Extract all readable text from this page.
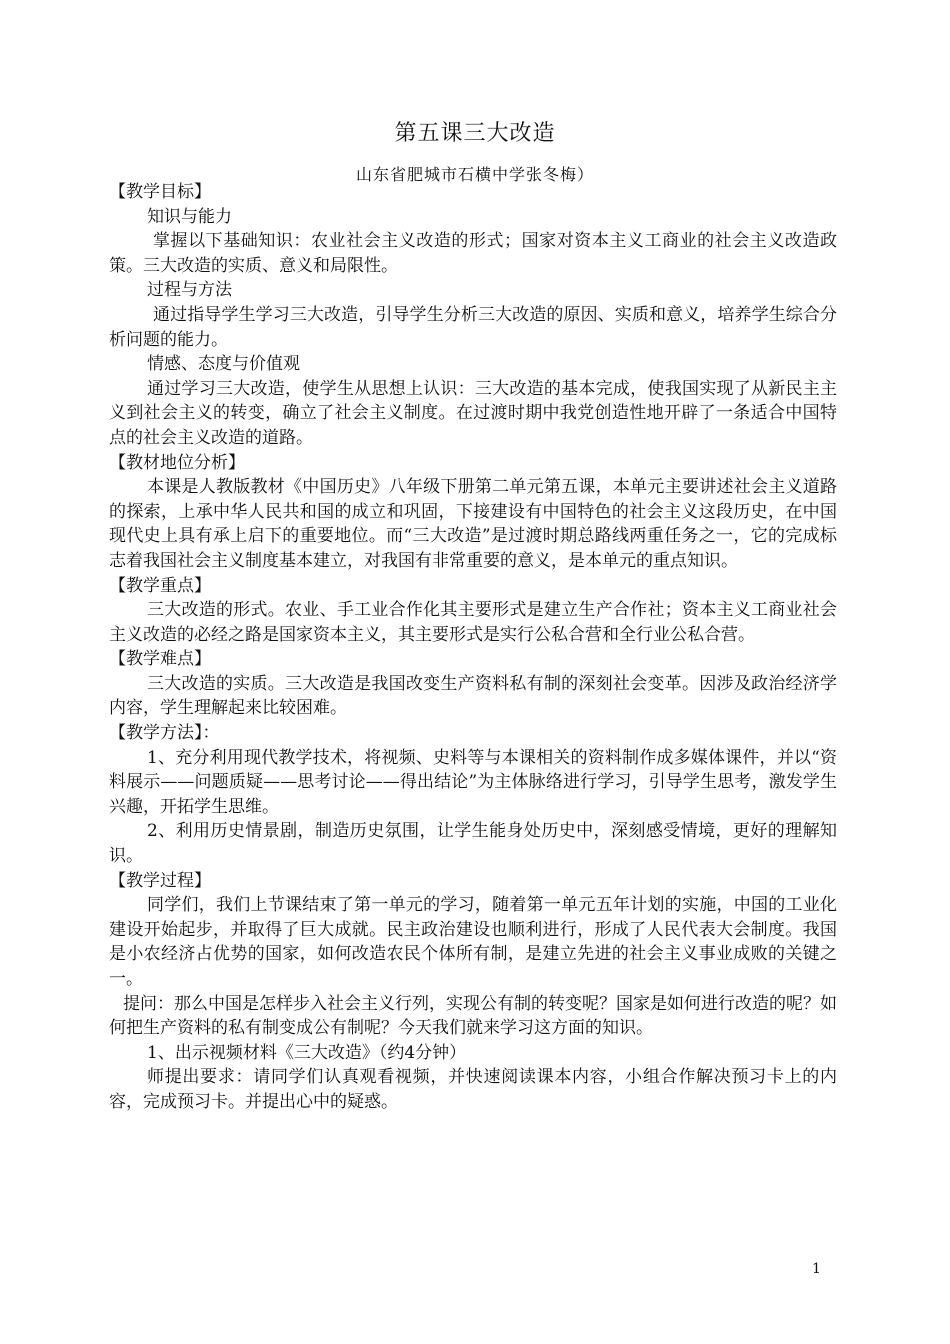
第五课三大改造
山东省肥城市石横中学张冬梅）

【教学目标】

知识与能力

掌握以下基础知识：农业社会主义改造的形式；国家对资本主义工商业的社会主义改造政策。三大改造的实质、意义和局限性。

过程与方法

通过指导学生学习三大改造，引导学生分析三大改造的原因、实质和意义，培养学生综合分析问题的能力。

情感、态度与价值观

通过学习三大改造，使学生从思想上认识：三大改造的基本完成，使我国实现了从新民主主义到社会主义的转变，确立了社会主义制度。在过渡时期中我党创造性地开辟了一条适合中国特点的社会主义改造的道路。

【教材地位分析】

本课是人教版教材《中国历史》八年级下册第二单元第五课，本单元主要讲述社会主义道路的探索，上承中华人民共和国的成立和巩固，下接建设有中国特色的社会主义这段历史，在中国现代史上具有承上启下的重要地位。而“三大改造”是过渡时期总路线两重任务之一，它的完成标志着我国社会主义制度基本建立，对我国有非常重要的意义，是本单元的重点知识。

【教学重点】

三大改造的形式。农业、手工业合作化其主要形式是建立生产合作社；资本主义工商业社会主义改造的必经之路是国家资本主义，其主要形式是实行公私合营和全行业公私合营。

【教学难点】

三大改造的实质。三大改造是我国改变生产资料私有制的深刻社会变革。因涉及政治经济学内容，学生理解起来比较困难。

【教学方法】：

1、充分利用现代教学技术，将视频、史料等与本课相关的资料制作成多媒体课件，并以“资料展示——问题质疑——思考讨论——得出结论”为主体脉络进行学习，引导学生思考，激发学生兴趣，开拓学生思维。

2、利用历史情景剧，制造历史氛围，让学生能身处历史中，深刻感受情境，更好的理解知识。

【教学过程】

同学们，我们上节课结束了第一单元的学习，随着第一单元五年计划的实施，中国的工业化建设开始起步，并取得了巨大成就。民主政治建设也顺利进行，形成了人民代表大会制度。我国是小农经济占优势的国家，如何改造农民个体所有制，是建立先进的社会主义事业成败的关键之一。

提问：那么中国是怎样步入社会主义行列，实现公有制的转变呢？国家是如何进行改造的呢？如何把生产资料的私有制变成公有制呢？今天我们就来学习这方面的知识。

1、出示视频材料《三大改造》（约4分钟）

师提出要求：请同学们认真观看视频，并快速阅读课本内容，小组合作解决预习卡上的内容，完成预习卡。并提出心中的疑惑。

1
